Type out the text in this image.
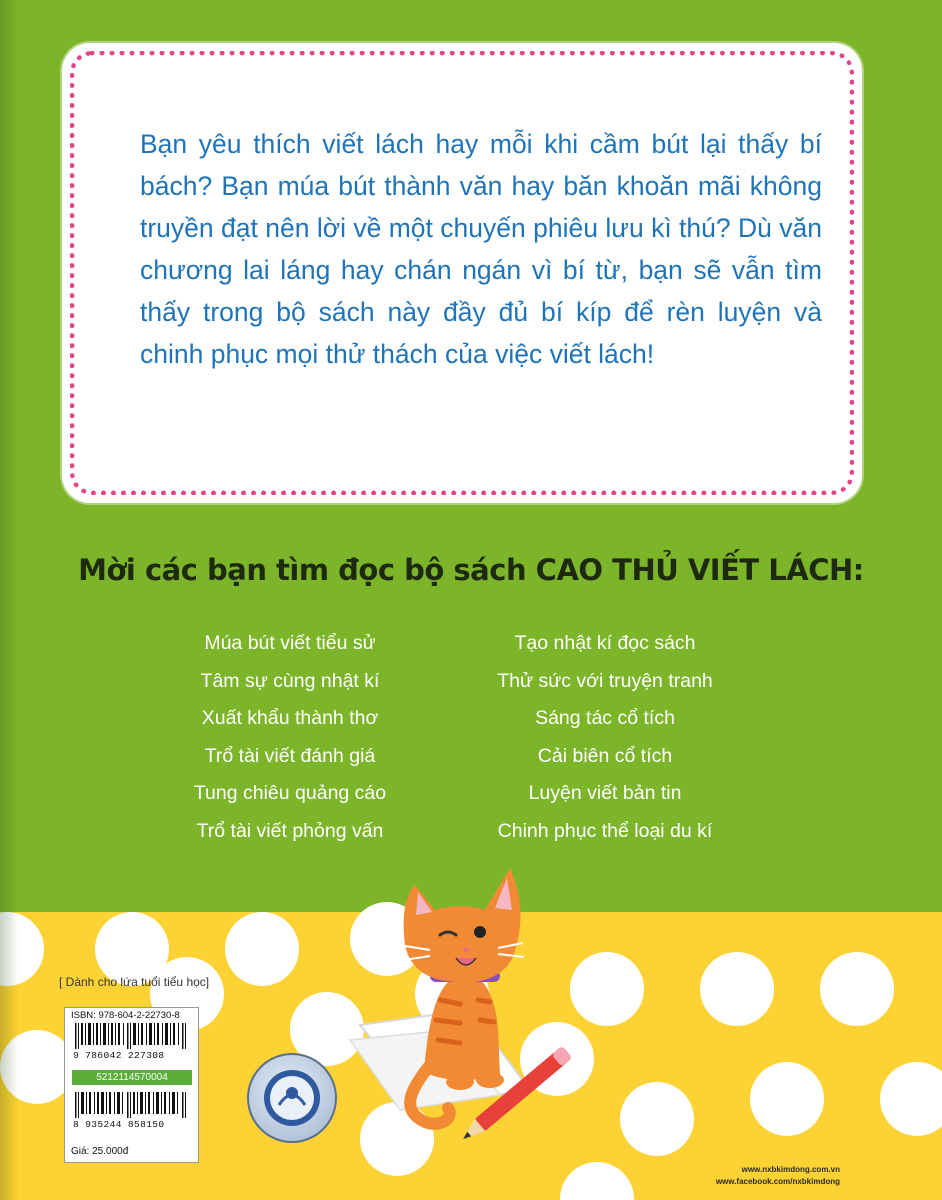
Bạn yêu thích viết lách hay mỗi khi cầm bút lại thấy bí bách? Bạn múa bút thành văn hay băn khoăn mãi không truyền đạt nên lời về một chuyến phiêu lưu kì thú? Dù văn chương lai láng hay chán ngán vì bí từ, bạn sẽ vẫn tìm thấy trong bộ sách này đầy đủ bí kíp để rèn luyện và chinh phục mọi thử thách của việc viết lách!

Mời các bạn tìm đọc bộ sách CAO THỦ VIẾT LÁCH:
Múa bút viết tiểu sử
Tâm sự cùng nhật kí
Xuất khẩu thành thơ
Trổ tài viết đánh giá
Tung chiêu quảng cáo
Trổ tài viết phỏng vấn
Tạo nhật kí đọc sách
Thử sức với truyện tranh
Sáng tác cổ tích
Cải biên cổ tích
Luyện viết bản tin
Chinh phục thể loại du kí
[ Dành cho lứa tuổi tiểu học]
ISBN: 978-604-2-22730-8
9 786042 227308
5212114570004
8 935244 858150
Giá: 25.000đ
www.nxbkimdong.com.vn
www.facebook.com/nxbkimdong
